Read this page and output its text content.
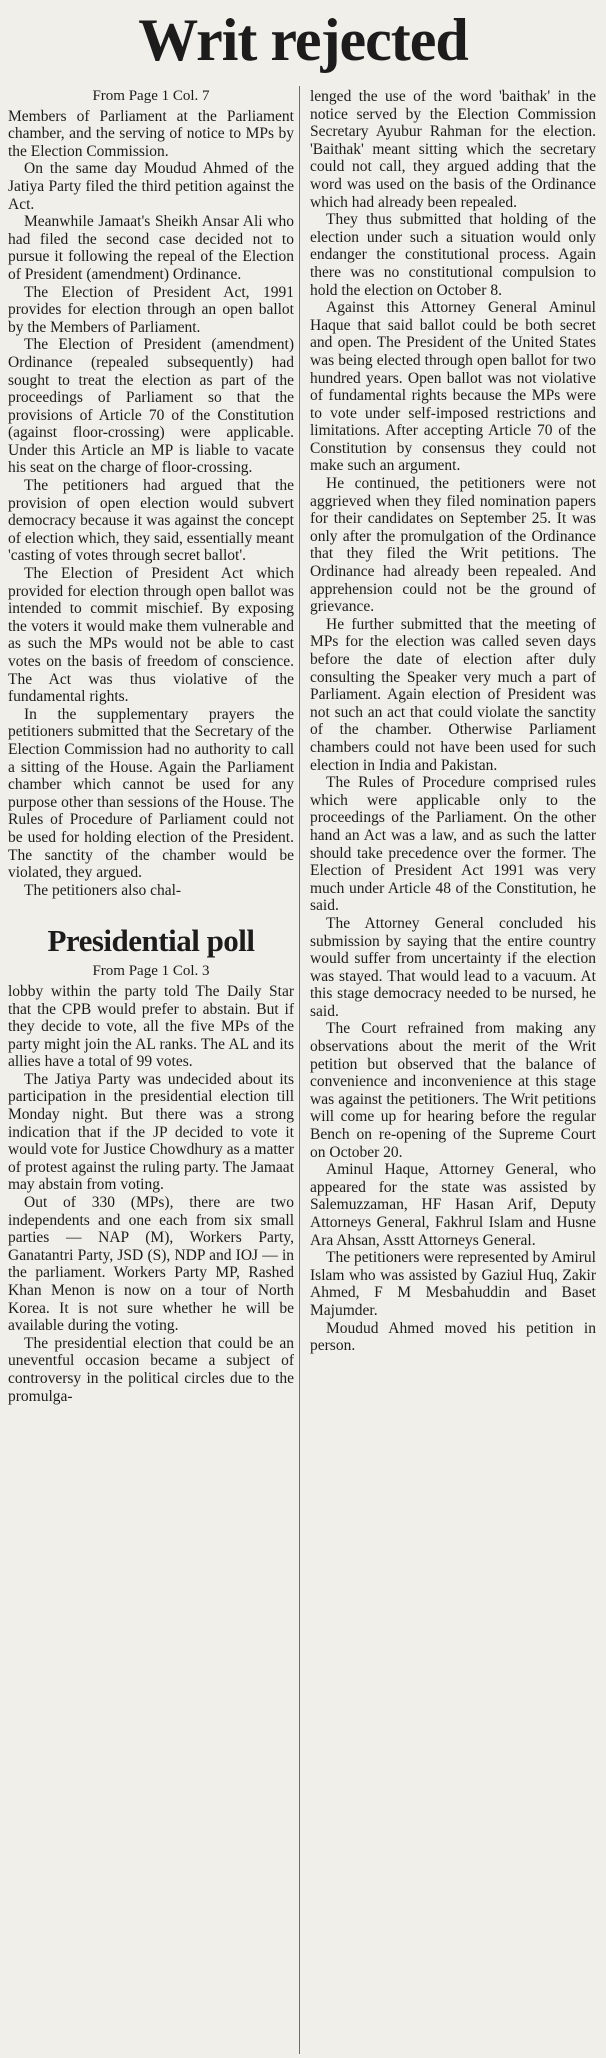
Writ rejected
From Page 1 Col. 7

Members of Parliament at the Parliament chamber, and the serving of notice to MPs by the Election Commission.

On the same day Moudud Ahmed of the Jatiya Party filed the third petition against the Act.

Meanwhile Jamaat's Sheikh Ansar Ali who had filed the second case decided not to pursue it following the repeal of the Election of President (amendment) Ordinance.

The Election of President Act, 1991 provides for election through an open ballot by the Members of Parliament.

The Election of President (amendment) Ordinance (repealed subsequently) had sought to treat the election as part of the proceedings of Parliament so that the provisions of Article 70 of the Constitution (against floor-crossing) were applicable. Under this Article an MP is liable to vacate his seat on the charge of floor-crossing.

The petitioners had argued that the provision of open election would subvert democracy because it was against the concept of election which, they said, essentially meant 'casting of votes through secret ballot'.

The Election of President Act which provided for election through open ballot was intended to commit mischief. By exposing the voters it would make them vulnerable and as such the MPs would not be able to cast votes on the basis of freedom of conscience. The Act was thus violative of the fundamental rights.

In the supplementary prayers the petitioners submitted that the Secretary of the Election Commission had no authority to call a sitting of the House. Again the Parliament chamber which cannot be used for any purpose other than sessions of the House. The Rules of Procedure of Parliament could not be used for holding election of the President. The sanctity of the chamber would be violated, they argued.

The petitioners also chal-

Presidential poll
From Page 1 Col. 3

lobby within the party told The Daily Star that the CPB would prefer to abstain. But if they decide to vote, all the five MPs of the party might join the AL ranks. The AL and its allies have a total of 99 votes.

The Jatiya Party was undecided about its participation in the presidential election till Monday night. But there was a strong indication that if the JP decided to vote it would vote for Justice Chowdhury as a matter of protest against the ruling party. The Jamaat may abstain from voting.

Out of 330 (MPs), there are two independents and one each from six small parties — NAP (M), Workers Party, Ganatantri Party, JSD (S), NDP and IOJ — in the parliament. Workers Party MP, Rashed Khan Menon is now on a tour of North Korea. It is not sure whether he will be available during the voting.

The presidential election that could be an uneventful occasion became a subject of controversy in the political circles due to the promulga-

lenged the use of the word 'baithak' in the notice served by the Election Commission Secretary Ayubur Rahman for the election. 'Baithak' meant sitting which the secretary could not call, they argued adding that the word was used on the basis of the Ordinance which had already been repealed.

They thus submitted that holding of the election under such a situation would only endanger the constitutional process. Again there was no constitutional compulsion to hold the election on October 8.

Against this Attorney General Aminul Haque that said ballot could be both secret and open. The President of the United States was being elected through open ballot for two hundred years. Open ballot was not violative of fundamental rights because the MPs were to vote under self-imposed restrictions and limitations. After accepting Article 70 of the Constitution by consensus they could not make such an argument.

He continued, the petitioners were not aggrieved when they filed nomination papers for their candidates on September 25. It was only after the promulgation of the Ordinance that they filed the Writ petitions. The Ordinance had already been repealed. And apprehension could not be the ground of grievance.

He further submitted that the meeting of MPs for the election was called seven days before the date of election after duly consulting the Speaker very much a part of Parliament. Again election of President was not such an act that could violate the sanctity of the chamber. Otherwise Parliament chambers could not have been used for such election in India and Pakistan.

The Rules of Procedure comprised rules which were applicable only to the proceedings of the Parliament. On the other hand an Act was a law, and as such the latter should take precedence over the former. The Election of President Act 1991 was very much under Article 48 of the Constitution, he said.

The Attorney General concluded his submission by saying that the entire country would suffer from uncertainty if the election was stayed. That would lead to a vacuum. At this stage democracy needed to be nursed, he said.

The Court refrained from making any observations about the merit of the Writ petition but observed that the balance of convenience and inconvenience at this stage was against the petitioners. The Writ petitions will come up for hearing before the regular Bench on re-opening of the Supreme Court on October 20.

Aminul Haque, Attorney General, who appeared for the state was assisted by Salemuzzaman, HF Hasan Arif, Deputy Attorneys General, Fakhrul Islam and Husne Ara Ahsan, Asstt Attorneys General.

The petitioners were represented by Amirul Islam who was assisted by Gaziul Huq, Zakir Ahmed, F M Mesbahuddin and Baset Majumder.

Moudud Ahmed moved his petition in person.
